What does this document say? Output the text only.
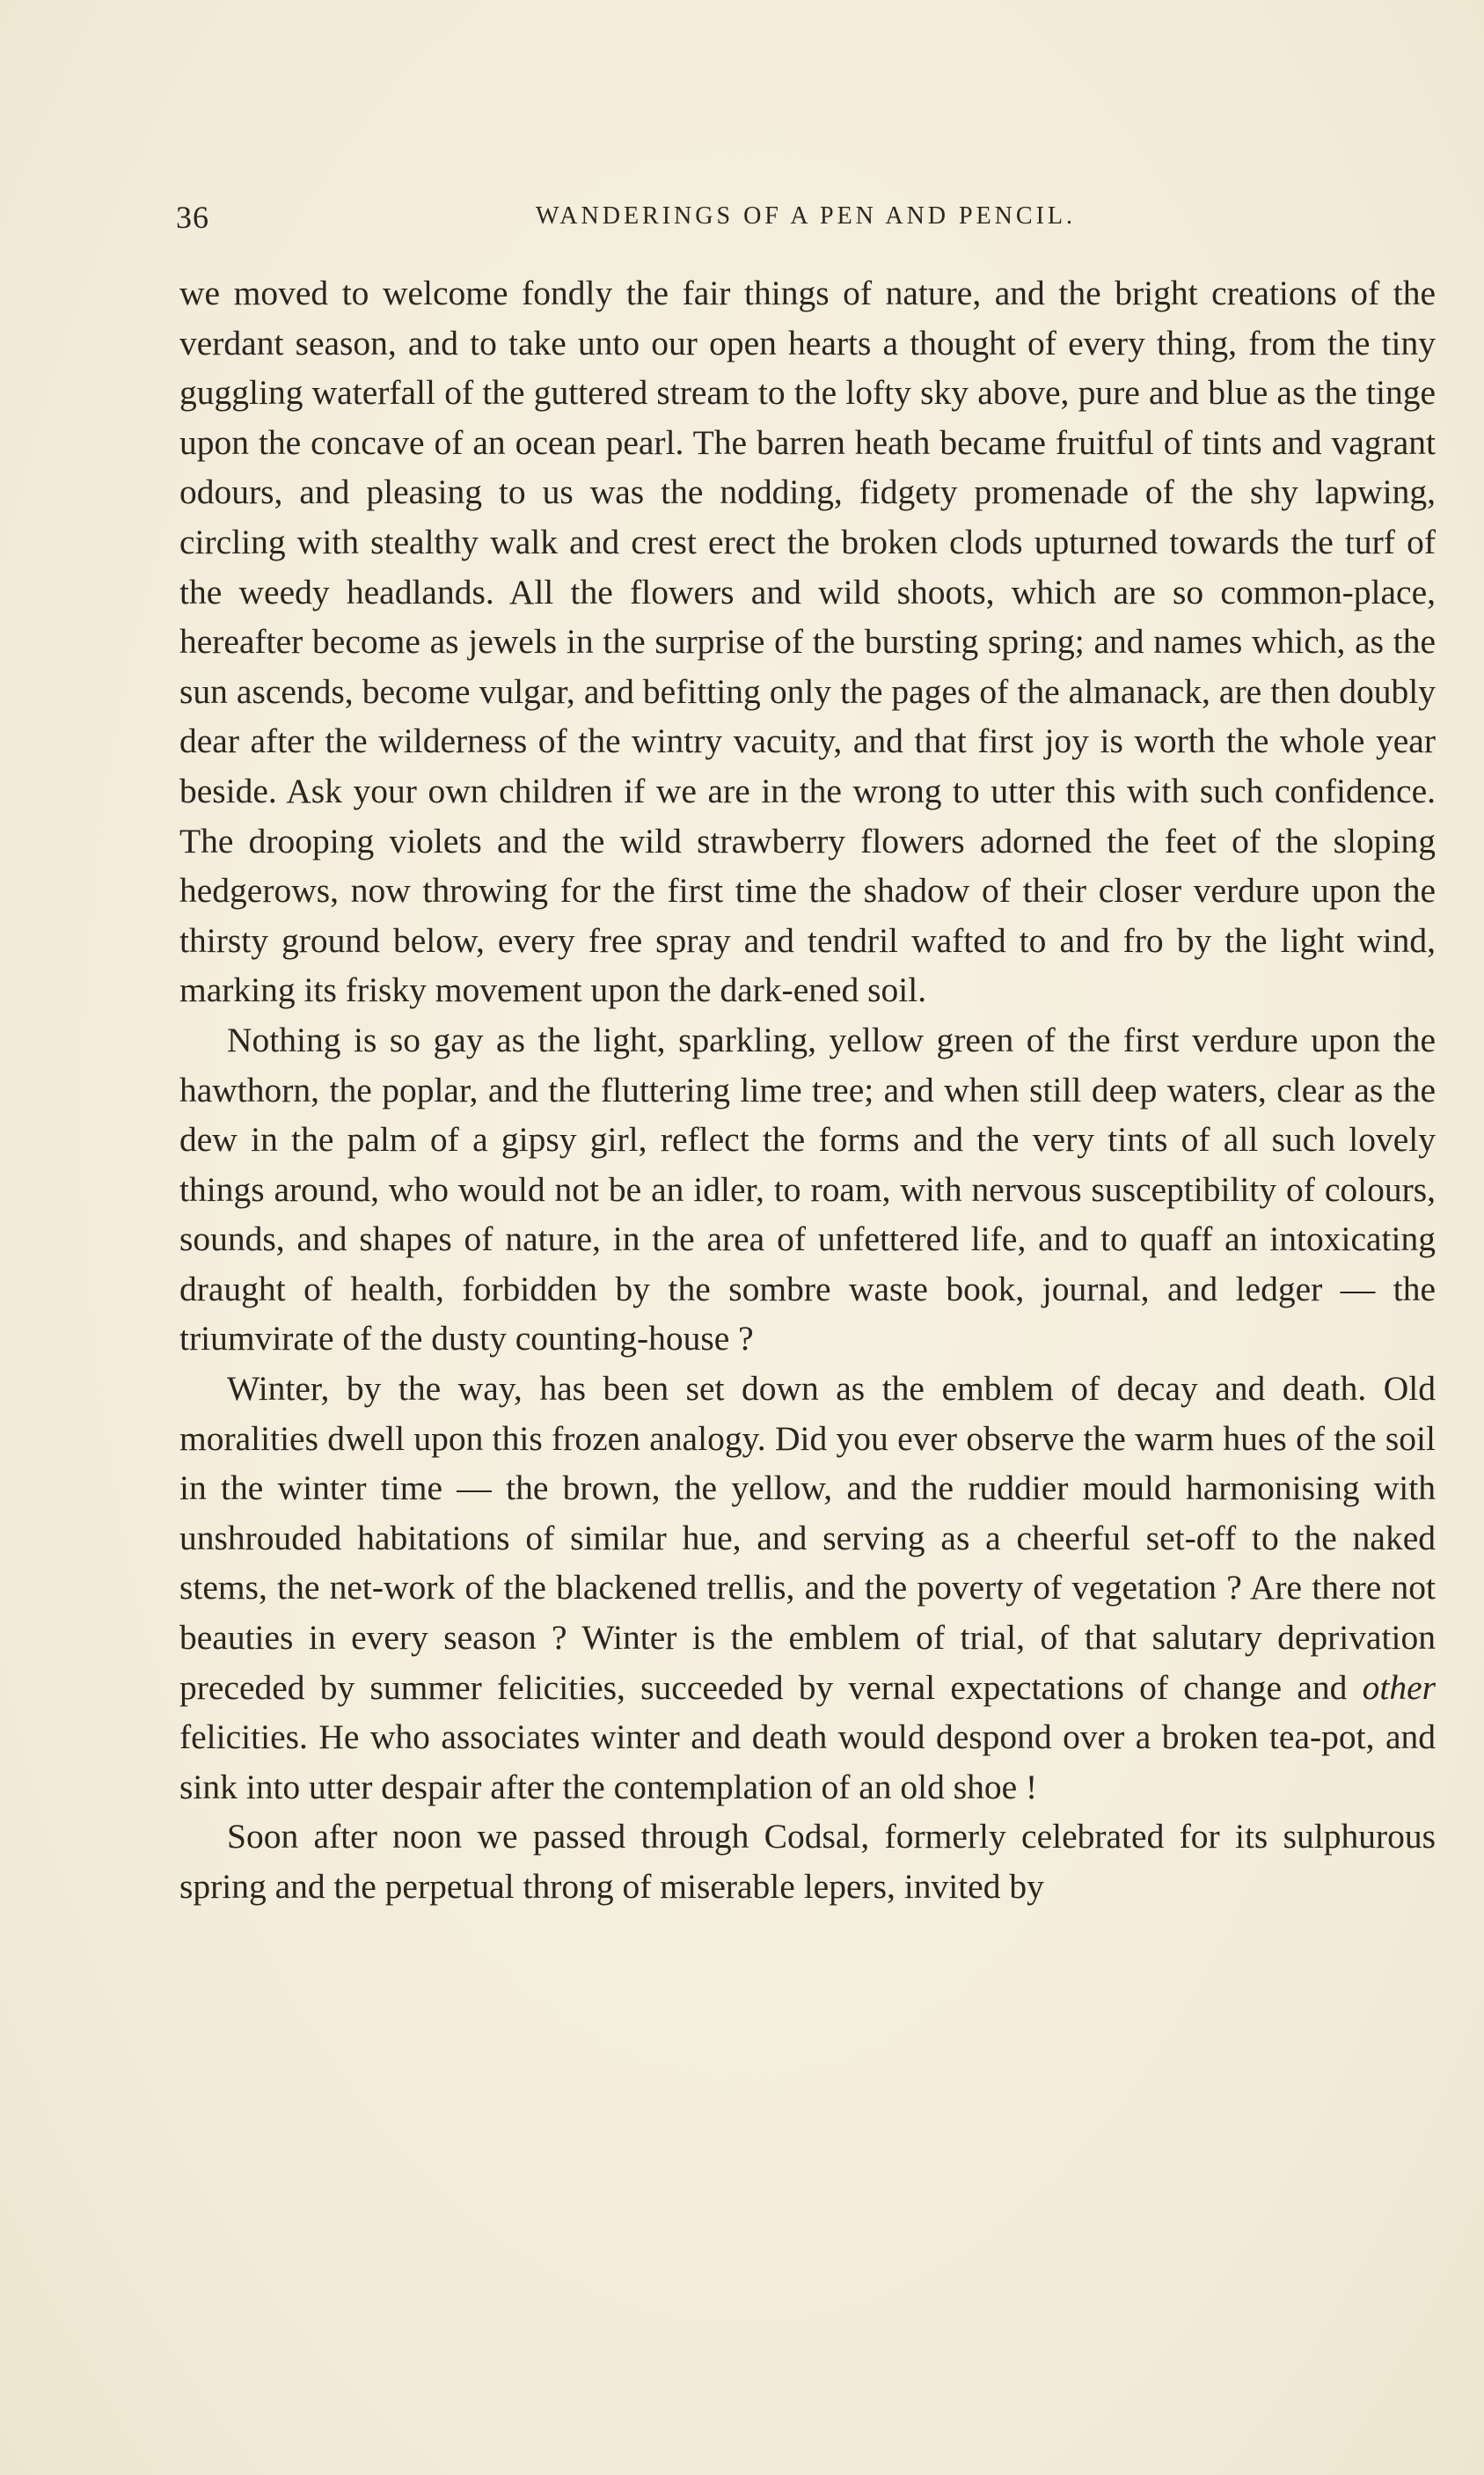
36	WANDERINGS OF A PEN AND PENCIL.

we moved to welcome fondly the fair things of nature, and the bright creations of the verdant season, and to take unto our open hearts a thought of every thing, from the tiny guggling waterfall of the guttered stream to the lofty sky above, pure and blue as the tinge upon the concave of an ocean pearl. The barren heath became fruitful of tints and vagrant odours, and pleasing to us was the nodding, fidgety promenade of the shy lapwing, circling with stealthy walk and crest erect the broken clods upturned towards the turf of the weedy headlands. All the flowers and wild shoots, which are so common-place, hereafter become as jewels in the surprise of the bursting spring; and names which, as the sun ascends, become vulgar, and befitting only the pages of the almanack, are then doubly dear after the wilderness of the wintry vacuity, and that first joy is worth the whole year beside. Ask your own children if we are in the wrong to utter this with such confidence. The drooping violets and the wild strawberry flowers adorned the feet of the sloping hedgerows, now throwing for the first time the shadow of their closer verdure upon the thirsty ground below, every free spray and tendril wafted to and fro by the light wind, marking its frisky movement upon the dark-ened soil.

Nothing is so gay as the light, sparkling, yellow green of the first verdure upon the hawthorn, the poplar, and the fluttering lime tree; and when still deep waters, clear as the dew in the palm of a gipsy girl, reflect the forms and the very tints of all such lovely things around, who would not be an idler, to roam, with nervous susceptibility of colours, sounds, and shapes of nature, in the area of unfettered life, and to quaff an intoxicating draught of health, forbidden by the sombre waste book, journal, and ledger — the triumvirate of the dusty counting-house ?

Winter, by the way, has been set down as the emblem of decay and death. Old moralities dwell upon this frozen analogy. Did you ever observe the warm hues of the soil in the winter time — the brown, the yellow, and the ruddier mould harmonising with unshrouded habitations of similar hue, and serving as a cheerful set-off to the naked stems, the net-work of the blackened trellis, and the poverty of vegetation ? Are there not beauties in every season ? Winter is the emblem of trial, of that salutary deprivation preceded by summer felicities, succeeded by vernal expectations of change and other felicities. He who associates winter and death would despond over a broken tea-pot, and sink into utter despair after the contemplation of an old shoe !

Soon after noon we passed through Codsal, formerly celebrated for its sulphurous spring and the perpetual throng of miserable lepers, invited by
